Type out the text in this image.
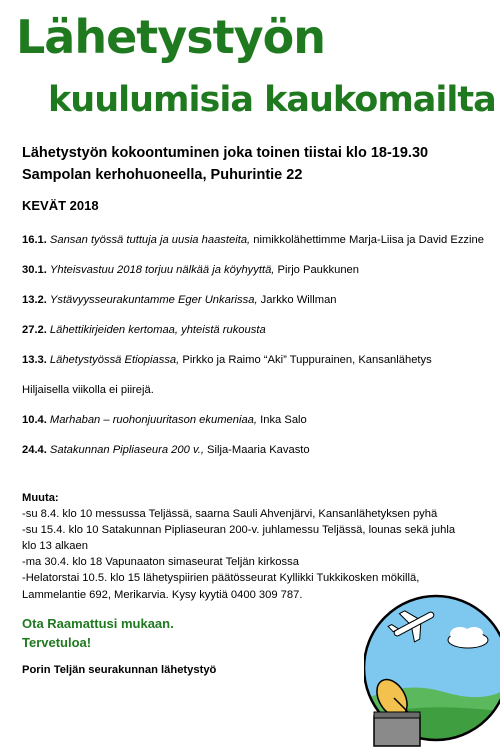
Lähetystyön
kuulumisia kaukomailta
Lähetystyön kokoontuminen joka toinen tiistai klo 18-19.30
Sampolan kerhohuoneella, Puhurintie 22
KEVÄT 2018
16.1. Sansan työssä tuttuja ja uusia haasteita, nimikkolähettimme Marja-Liisa ja David Ezzine
30.1. Yhteisvastuu 2018 torjuu nälkää ja köyhyyttä, Pirjo Paukkunen
13.2. Ystävyysseurakuntamme Eger Unkarissa, Jarkko Willman
27.2. Lähettikirjeiden kertomaa, yhteistä rukousta
13.3. Lähetystyössä Etiopiassa, Pirkko ja Raimo “Aki” Tuppurainen, Kansanlähetys
Hiljaisella viikolla ei piirejä.
10.4. Marhaban – ruohonjuuritason ekumeniaa, Inka Salo
24.4. Satakunnan Pipliaseura 200 v., Silja-Maaria Kavasto
Muuta:
-su 8.4. klo 10 messussa Teljässä, saarna Sauli Ahvenjärvi, Kansanlähetyksen pyhä
-su 15.4. klo 10 Satakunnan Pipliaseuran 200-v. juhlamessu Teljässä, lounas sekä juhla
klo 13 alkaen
-ma 30.4. klo 18 Vapunaaton simaseurat Teljän kirkossa
-Helatorstai 10.5. klo 15 lähetyspiirien päätösseurat Kyllikki Tukkikosken mökillä,
Lammelantie 692, Merikarvia. Kysy kyytiä 0400 309 787.
Ota Raamattusi mukaan.
Tervetuloa!
Porin Teljän seurakunnan lähetystyö
